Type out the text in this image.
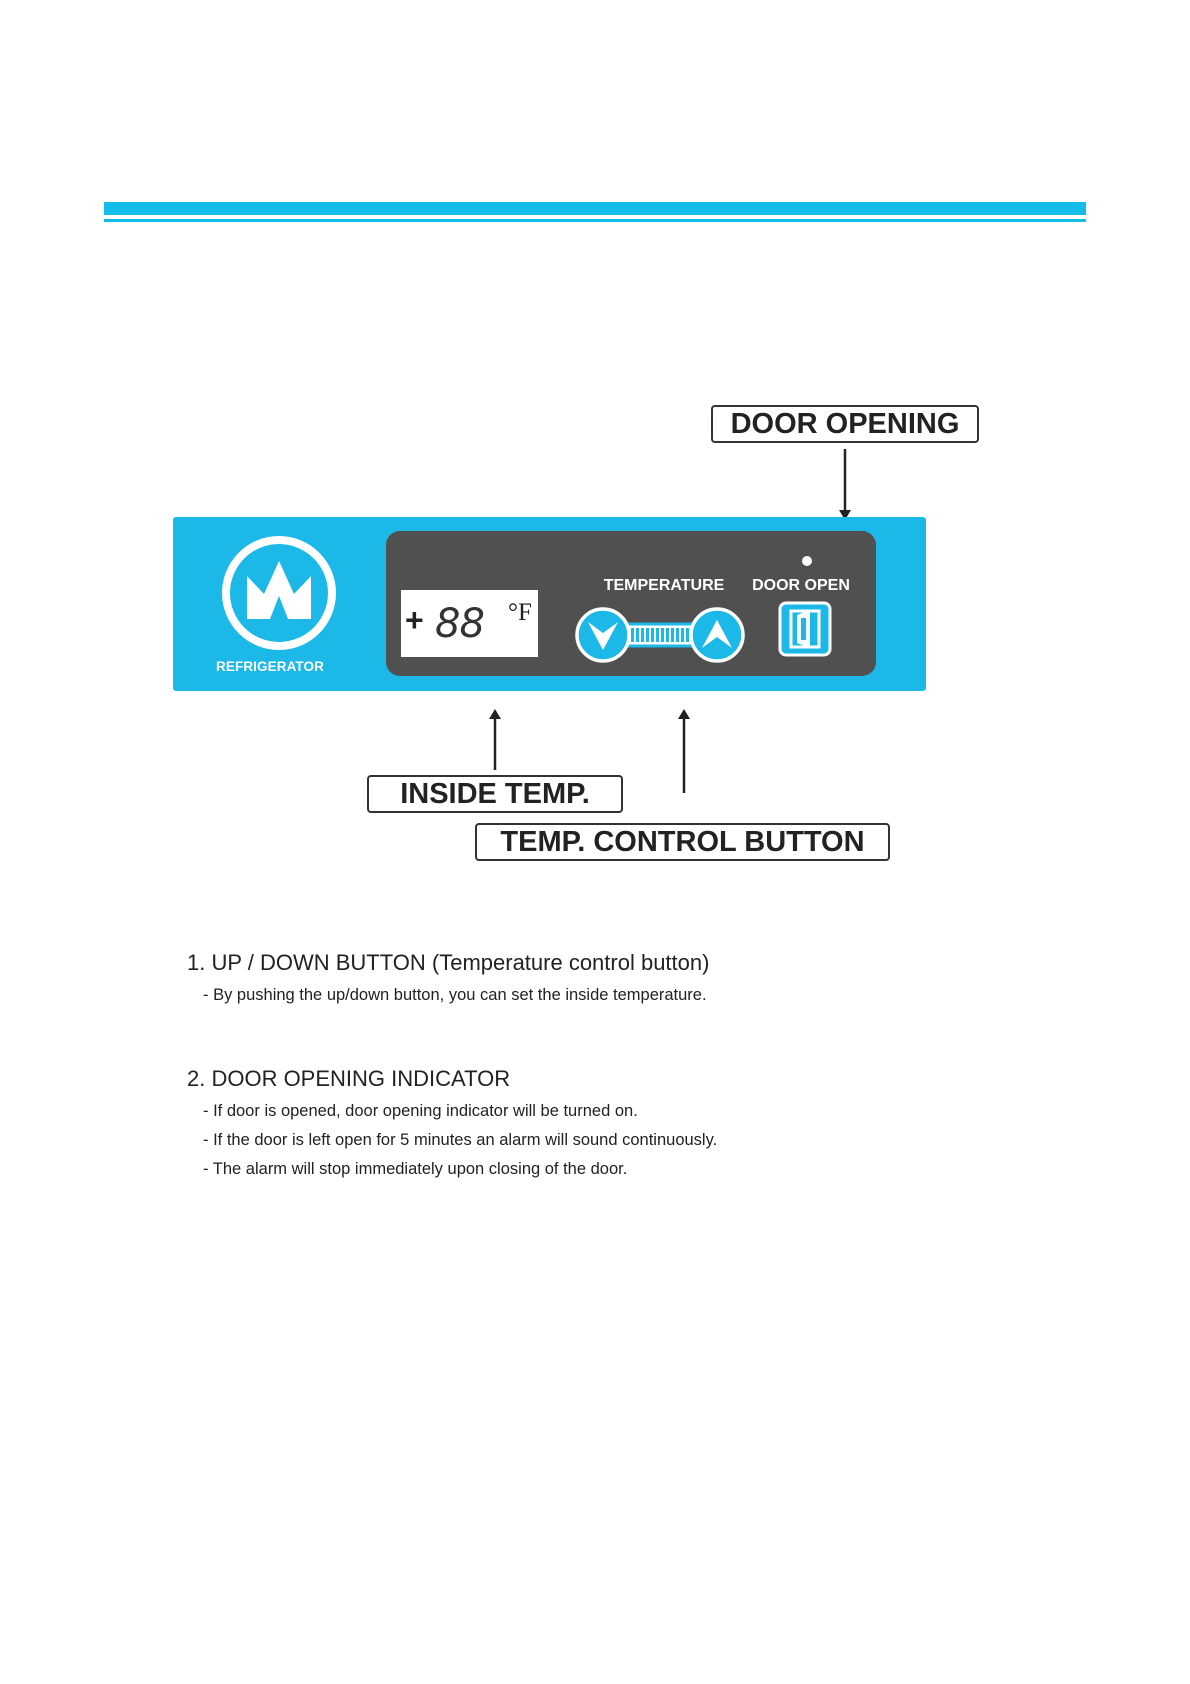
DOOR OPENING
INSIDE TEMP.
TEMP. CONTROL BUTTON
REFRIGERATOR
+ 88 °F
TEMPERATURE DOOR OPEN
1. UP / DOWN BUTTON (Temperature control button)
- By pushing the up/down button, you can set the inside temperature.
2. DOOR OPENING INDICATOR
- If door is opened, door opening indicator will be turned on.
- If the door is left open for 5 minutes an alarm will sound continuously.
- The alarm will stop immediately upon closing of the door.
